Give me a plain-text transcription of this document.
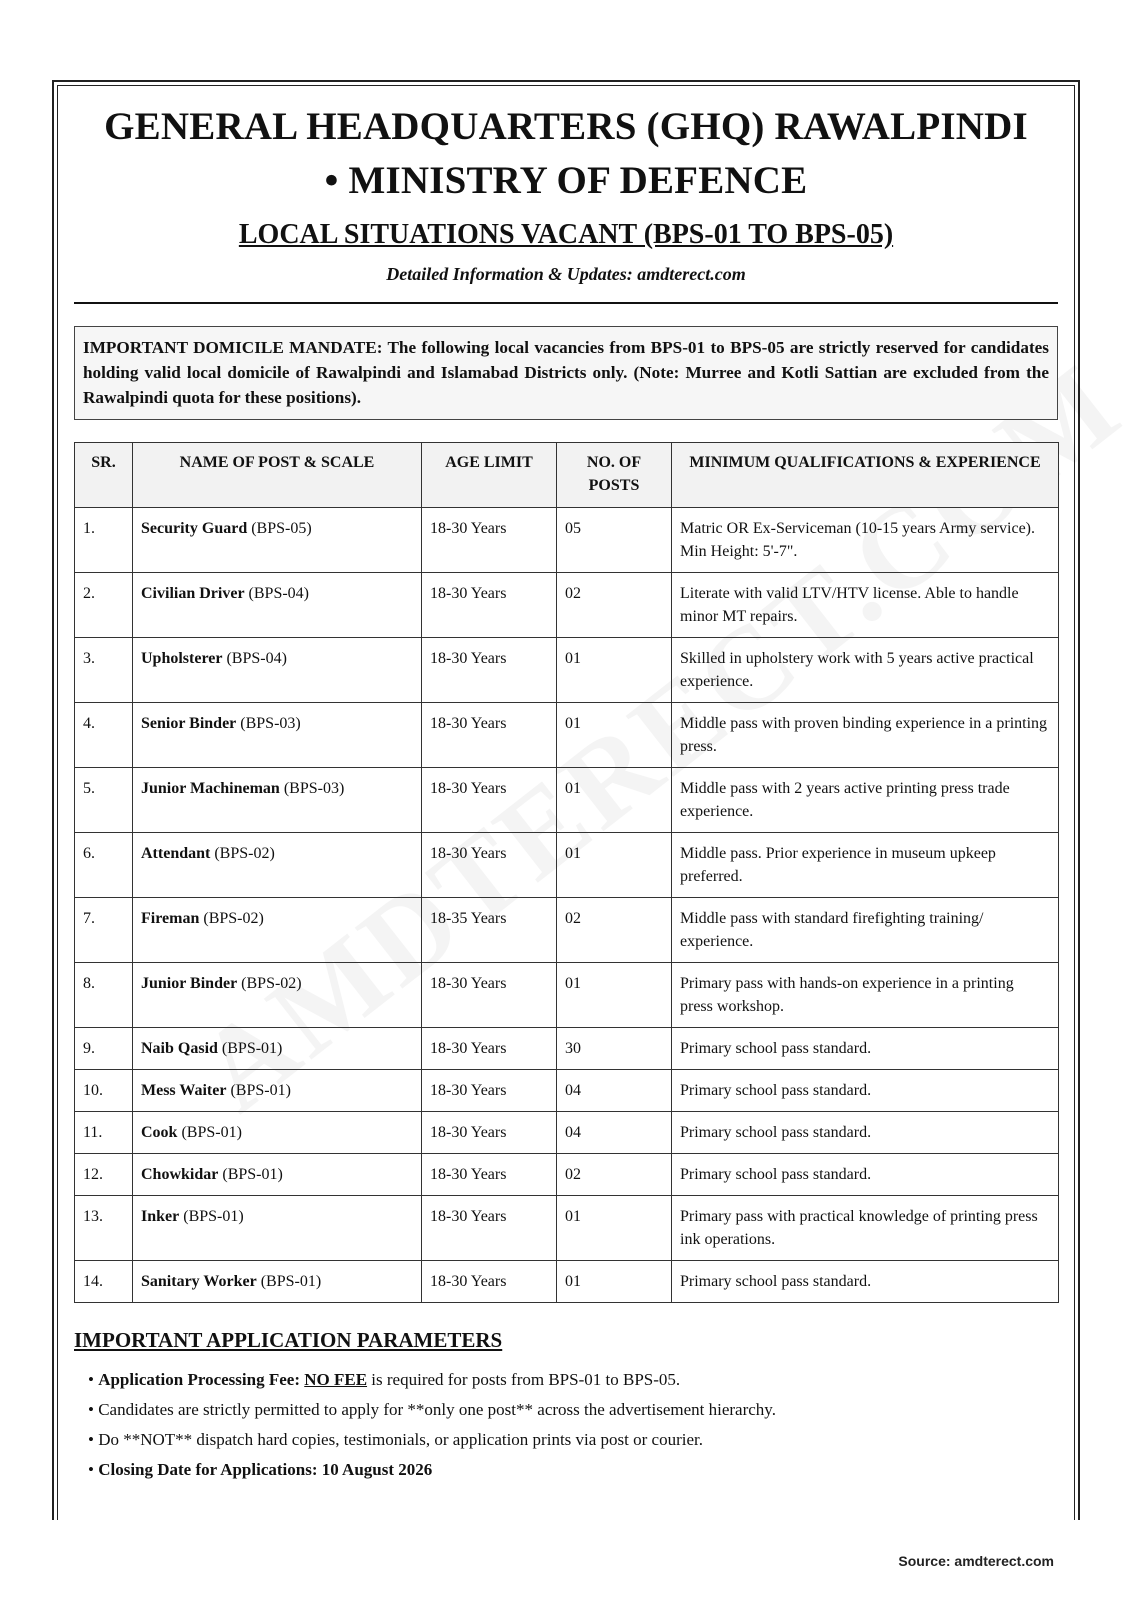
GENERAL HEADQUARTERS (GHQ) RAWALPINDI
• MINISTRY OF DEFENCE
LOCAL SITUATIONS VACANT (BPS-01 TO BPS-05)
Detailed Information & Updates: amdterect.com
IMPORTANT DOMICILE MANDATE: The following local vacancies from BPS-01 to BPS-05 are strictly reserved for candidates holding valid local domicile of Rawalpindi and Islamabad Districts only. (Note: Murree and Kotli Sattian are excluded from the Rawalpindi quota for these positions).
SR.	NAME OF POST & SCALE	AGE LIMIT	NO. OF POSTS	MINIMUM QUALIFICATIONS & EXPERIENCE
1.	Security Guard (BPS-05)	18-30 Years	05	Matric OR Ex-Serviceman (10-15 years Army service). Min Height: 5'-7".
2.	Civilian Driver (BPS-04)	18-30 Years	02	Literate with valid LTV/HTV license. Able to handle minor MT repairs.
3.	Upholsterer (BPS-04)	18-30 Years	01	Skilled in upholstery work with 5 years active practical experience.
4.	Senior Binder (BPS-03)	18-30 Years	01	Middle pass with proven binding experience in a printing press.
5.	Junior Machineman (BPS-03)	18-30 Years	01	Middle pass with 2 years active printing press trade experience.
6.	Attendant (BPS-02)	18-30 Years	01	Middle pass. Prior experience in museum upkeep preferred.
7.	Fireman (BPS-02)	18-35 Years	02	Middle pass with standard firefighting training/ experience.
8.	Junior Binder (BPS-02)	18-30 Years	01	Primary pass with hands-on experience in a printing press workshop.
9.	Naib Qasid (BPS-01)	18-30 Years	30	Primary school pass standard.
10.	Mess Waiter (BPS-01)	18-30 Years	04	Primary school pass standard.
11.	Cook (BPS-01)	18-30 Years	04	Primary school pass standard.
12.	Chowkidar (BPS-01)	18-30 Years	02	Primary school pass standard.
13.	Inker (BPS-01)	18-30 Years	01	Primary pass with practical knowledge of printing press ink operations.
14.	Sanitary Worker (BPS-01)	18-30 Years	01	Primary school pass standard.
IMPORTANT APPLICATION PARAMETERS
• Application Processing Fee: NO FEE is required for posts from BPS-01 to BPS-05.
• Candidates are strictly permitted to apply for **only one post** across the advertisement hierarchy.
• Do **NOT** dispatch hard copies, testimonials, or application prints via post or courier.
• Closing Date for Applications: 10 August 2026
Source: amdterect.com
